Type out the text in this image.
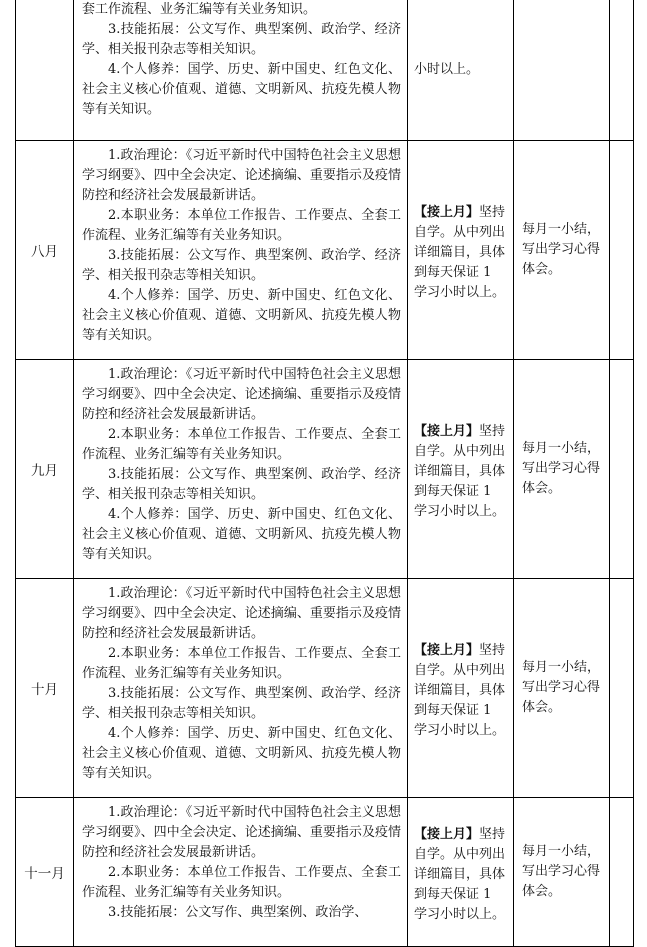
	套工作流程、业务汇编等有关业务知识。

3.技能拓展：公文写作、典型案例、政治学、经济学、相关报刊杂志等相关知识。

4.个人修养：国学、历史、新中国史、红色文化、社会主义核心价值观、道德、文明新风、抗疫先模人物等有关知识。	小时以上。		
八月	1.政治理论：《习近平新时代中国特色社会主义思想学习纲要》、四中全会决定、论述摘编、重要指示及疫情防控和经济社会发展最新讲话。

2.本职业务：本单位工作报告、工作要点、全套工作流程、业务汇编等有关业务知识。

3.技能拓展：公文写作、典型案例、政治学、经济学、相关报刊杂志等相关知识。

4.个人修养：国学、历史、新中国史、红色文化、社会主义核心价值观、道德、文明新风、抗疫先模人物等有关知识。	【接上月】坚持自学。从中列出详细篇目，具体到每天保证 1 学习小时以上。	每月一小结，写出学习心得体会。	
九月	1.政治理论：《习近平新时代中国特色社会主义思想学习纲要》、四中全会决定、论述摘编、重要指示及疫情防控和经济社会发展最新讲话。

2.本职业务：本单位工作报告、工作要点、全套工作流程、业务汇编等有关业务知识。

3.技能拓展：公文写作、典型案例、政治学、经济学、相关报刊杂志等相关知识。

4.个人修养：国学、历史、新中国史、红色文化、社会主义核心价值观、道德、文明新风、抗疫先模人物等有关知识。	【接上月】坚持自学。从中列出详细篇目，具体到每天保证 1 学习小时以上。	每月一小结，写出学习心得体会。	
十月	1.政治理论：《习近平新时代中国特色社会主义思想学习纲要》、四中全会决定、论述摘编、重要指示及疫情防控和经济社会发展最新讲话。

2.本职业务：本单位工作报告、工作要点、全套工作流程、业务汇编等有关业务知识。

3.技能拓展：公文写作、典型案例、政治学、经济学、相关报刊杂志等相关知识。

4.个人修养：国学、历史、新中国史、红色文化、社会主义核心价值观、道德、文明新风、抗疫先模人物等有关知识。	【接上月】坚持自学。从中列出详细篇目，具体到每天保证 1 学习小时以上。	每月一小结，写出学习心得体会。	
十一月	1.政治理论：《习近平新时代中国特色社会主义思想学习纲要》、四中全会决定、论述摘编、重要指示及疫情防控和经济社会发展最新讲话。

2.本职业务：本单位工作报告、工作要点、全套工作流程、业务汇编等有关业务知识。

3.技能拓展：公文写作、典型案例、政治学、	【接上月】坚持自学。从中列出详细篇目，具体到每天保证 1 学习小时以上。	每月一小结，写出学习心得体会。	
